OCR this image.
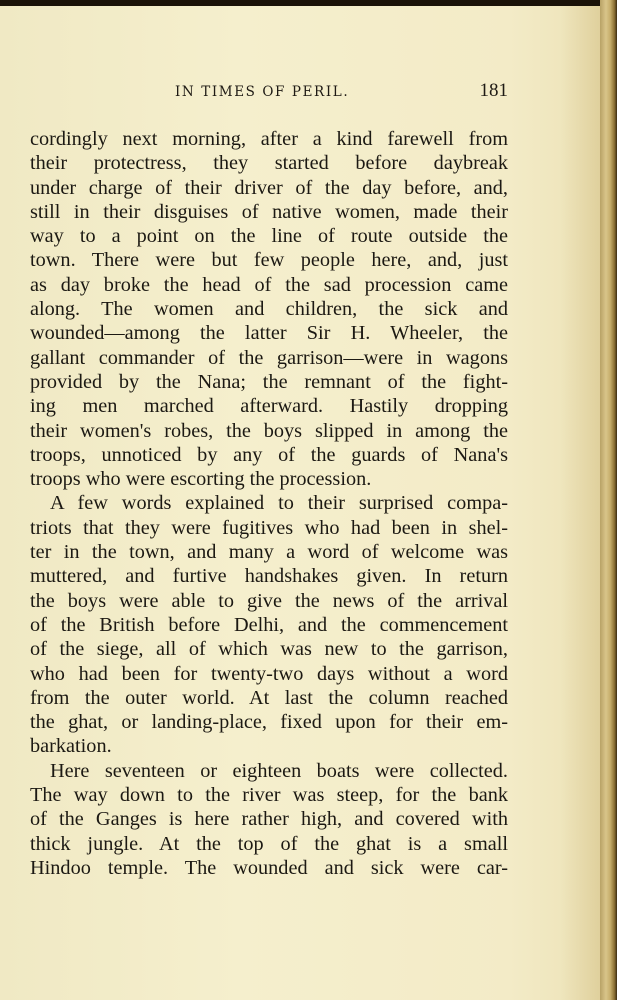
IN TIMES OF PERIL.	181
cordingly next morning, after a kind farewell from
their protectress, they started before daybreak
under charge of their driver of the day before, and,
still in their disguises of native women, made their
way to a point on the line of route outside the
town. There were but few people here, and, just
as day broke the head of the sad procession came
along. The women and children, the sick and
wounded—among the latter Sir H. Wheeler, the
gallant commander of the garrison—were in wagons
provided by the Nana; the remnant of the fight-
ing men marched afterward. Hastily dropping
their women's robes, the boys slipped in among the
troops, unnoticed by any of the guards of Nana's
troops who were escorting the procession.
A few words explained to their surprised compa-
triots that they were fugitives who had been in shel-
ter in the town, and many a word of welcome was
muttered, and furtive handshakes given. In return
the boys were able to give the news of the arrival
of the British before Delhi, and the commencement
of the siege, all of which was new to the garrison,
who had been for twenty-two days without a word
from the outer world. At last the column reached
the ghat, or landing-place, fixed upon for their em-
barkation.
Here seventeen or eighteen boats were collected.
The way down to the river was steep, for the bank
of the Ganges is here rather high, and covered with
thick jungle. At the top of the ghat is a small
Hindoo temple. The wounded and sick were car-
